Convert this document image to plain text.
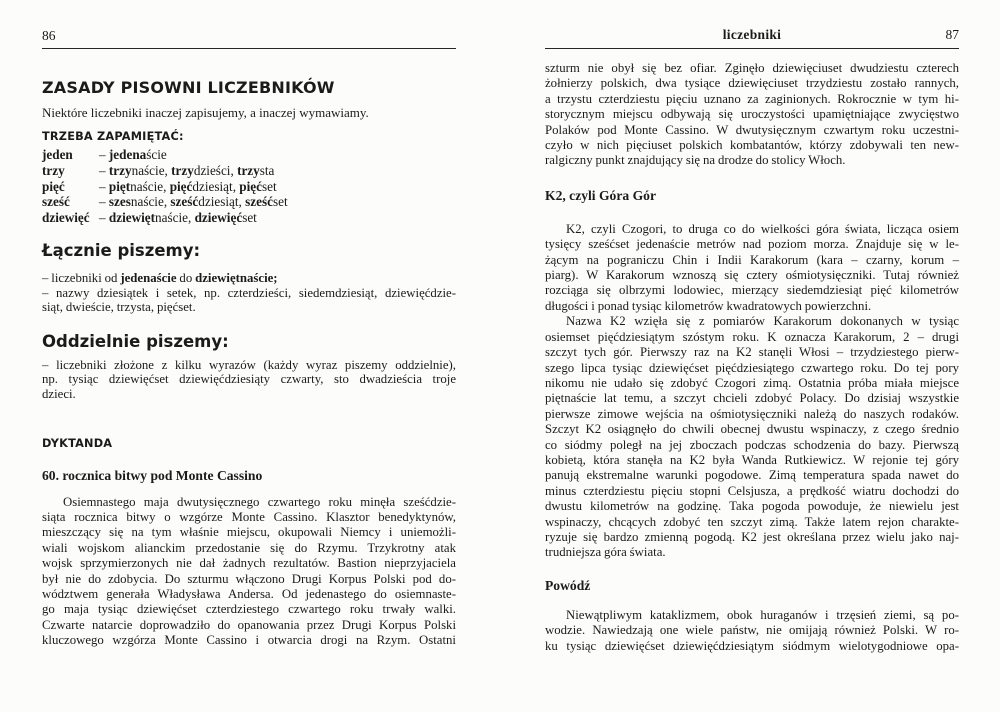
86
ZASADY PISOWNI LICZEBNIKÓW

Niektóre liczebniki inaczej zapisujemy, a inaczej wymawiamy.

TRZEBA ZAPAMIĘTAĆ:
jeden – jedenaście
trzy	– trzynaście, trzydzieści, trzysta
pięć	– piętnaście, pięćdziesiąt, pięćset
sześć – szesnaście, sześćdziesiąt, sześćset
dziewięć – dziewiętnaście, dziewięćset
Łącznie piszemy:
– liczebniki od jedenaście do dziewiętnaście;
– nazwy dziesiątek i setek, np. czterdzieści, siedemdziesiąt, dziewięćdzie-
siąt, dwieście, trzysta, pięćset.
Oddzielnie piszemy:
– liczebniki złożone z kilku wyrazów (każdy wyraz piszemy oddzielnie),
np. tysiąc dziewięćset dziewięćdziesiąty czwarty, sto dwadzieścia troje
dzieci.
DYKTANDA
60. rocznica bitwy pod Monte Cassino
Osiemnastego maja dwutysięcznego czwartego roku minęła sześćdzie-
siąta rocznica bitwy o wzgórze Monte Cassino. Klasztor benedyktynów,
mieszczący się na tym właśnie miejscu, okupowali Niemcy i uniemożli-
wiali wojskom alianckim przedostanie się do Rzymu. Trzykrotny atak
wojsk sprzymierzonych nie dał żadnych rezultatów. Bastion nieprzyjaciela
był nie do zdobycia. Do szturmu włączono Drugi Korpus Polski pod do-
wództwem generała Władysława Andersa. Od jedenastego do osiemnaste-
go maja tysiąc dziewięćset czterdziestego czwartego roku trwały walki.
Czwarte natarcie doprowadziło do opanowania przez Drugi Korpus Polski
kluczowego wzgórza Monte Cassino i otwarcia drogi na Rzym. Ostatni
liczebniki	87
szturm nie obył się bez ofiar. Zginęło dziewięciuset dwudziestu czterech
żołnierzy polskich, dwa tysiące dziewięciuset trzydziestu zostało rannych,
a trzystu czterdziestu pięciu uznano za zaginionych. Rokrocznie w tym hi-
storycznym miejscu odbywają się uroczystości upamiętniające zwycięstwo
Polaków pod Monte Cassino. W dwutysięcznym czwartym roku uczestni-
czyło w nich pięciuset polskich kombatantów, którzy zdobywali ten new-
ralgiczny punkt znajdujący się na drodze do stolicy Włoch.
K2, czyli Góra Gór
K2, czyli Czogori, to druga co do wielkości góra świata, licząca osiem
tysięcy sześćset jedenaście metrów nad poziom morza. Znajduje się w le-
żącym na pograniczu Chin i Indii Karakorum (kara – czarny, korum –
piarg). W Karakorum wznoszą się cztery ośmiotysięczniki. Tutaj również
rozciąga się olbrzymi lodowiec, mierzący siedemdziesiąt pięć kilometrów
długości i ponad tysiąc kilometrów kwadratowych powierzchni.
Nazwa K2 wzięła się z pomiarów Karakorum dokonanych w tysiąc
osiemset pięćdziesiątym szóstym roku. K oznacza Karakorum, 2 – drugi
szczyt tych gór. Pierwszy raz na K2 stanęli Włosi – trzydziestego pierw-
szego lipca tysiąc dziewięćset pięćdziesiątego czwartego roku. Do tej pory
nikomu nie udało się zdobyć Czogori zimą. Ostatnia próba miała miejsce
piętnaście lat temu, a szczyt chcieli zdobyć Polacy. Do dzisiaj wszystkie
pierwsze zimowe wejścia na ośmiotysięczniki należą do naszych rodaków.
Szczyt K2 osiągnęło do chwili obecnej dwustu wspinaczy, z czego średnio
co siódmy poległ na jej zboczach podczas schodzenia do bazy. Pierwszą
kobietą, która stanęła na K2 była Wanda Rutkiewicz. W rejonie tej góry
panują ekstremalne warunki pogodowe. Zimą temperatura spada nawet do
minus czterdziestu pięciu stopni Celsjusza, a prędkość wiatru dochodzi do
dwustu kilometrów na godzinę. Taka pogoda powoduje, że niewielu jest
wspinaczy, chcących zdobyć ten szczyt zimą. Także latem rejon charakte-
ryzuje się bardzo zmienną pogodą. K2 jest określana przez wielu jako naj-
trudniejsza góra świata.
Powódź
Niewątpliwym kataklizmem, obok huraganów i trzęsień ziemi, są po-
wodzie. Nawiedzają one wiele państw, nie omijają również Polski. W ro-
ku tysiąc dziewięćset dziewięćdziesiątym siódmym wielotygodniowe opa-
